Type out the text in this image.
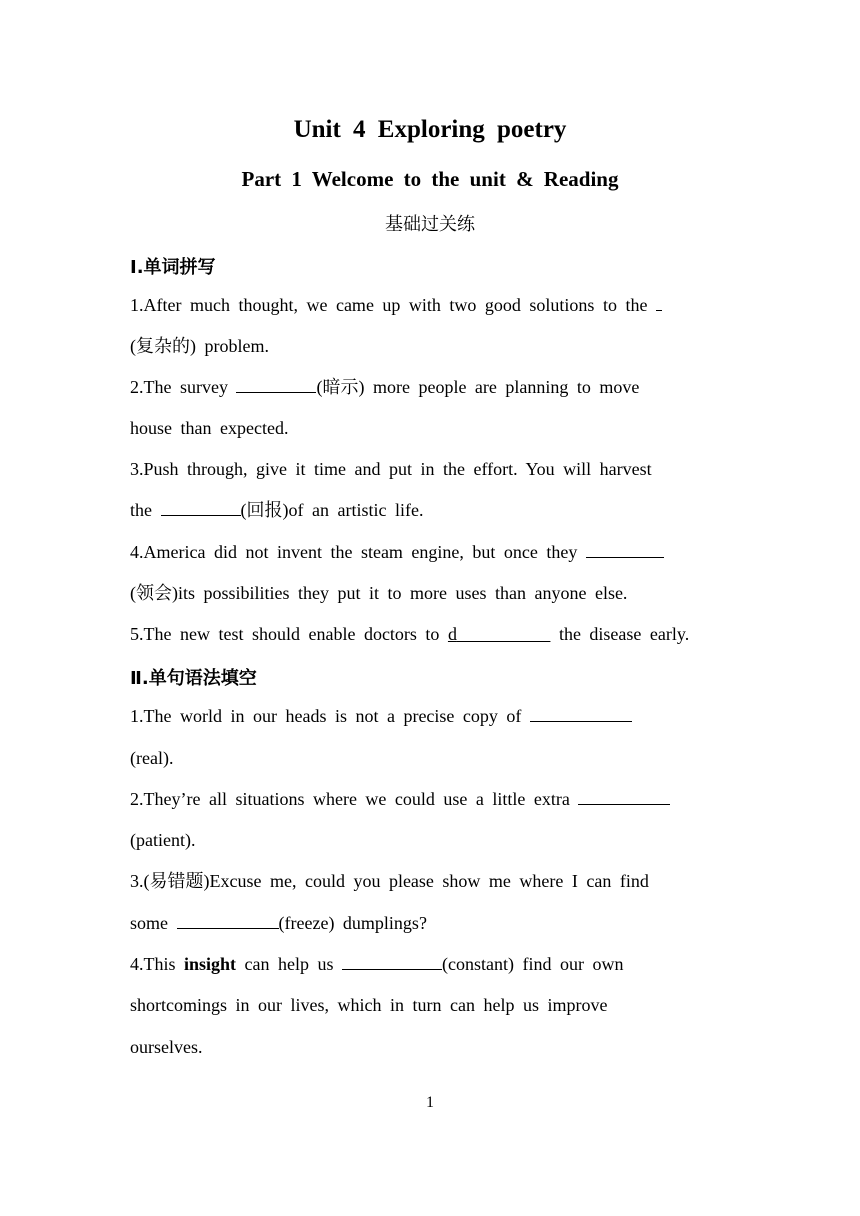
Unit 4 Exploring poetry
Part 1 Welcome to the unit & Reading
基础过关练
Ⅰ.单词拼写
1.After much thought, we came up with two good solutions to the
(复杂的) problem.
2.The survey	(暗示) more people are planning to move
house than expected.
3.Push through, give it time and put in the effort. You will harvest
the	(回报)of an artistic life.
4.America did not invent the steam engine, but once they
(领会)its possibilities they put it to more uses than anyone else.
5.The new test should enable doctors to d	the disease early.
Ⅱ.单句语法填空
1.The world in our heads is not a precise copy of
(real).
2.They’re all situations where we could use a little extra
(patient).
3.(易错题)Excuse me, could you please show me where I can find
some	(freeze) dumplings?
4.This insight can help us	(constant) find our own
shortcomings in our lives, which in turn can help us improve
ourselves.
1
